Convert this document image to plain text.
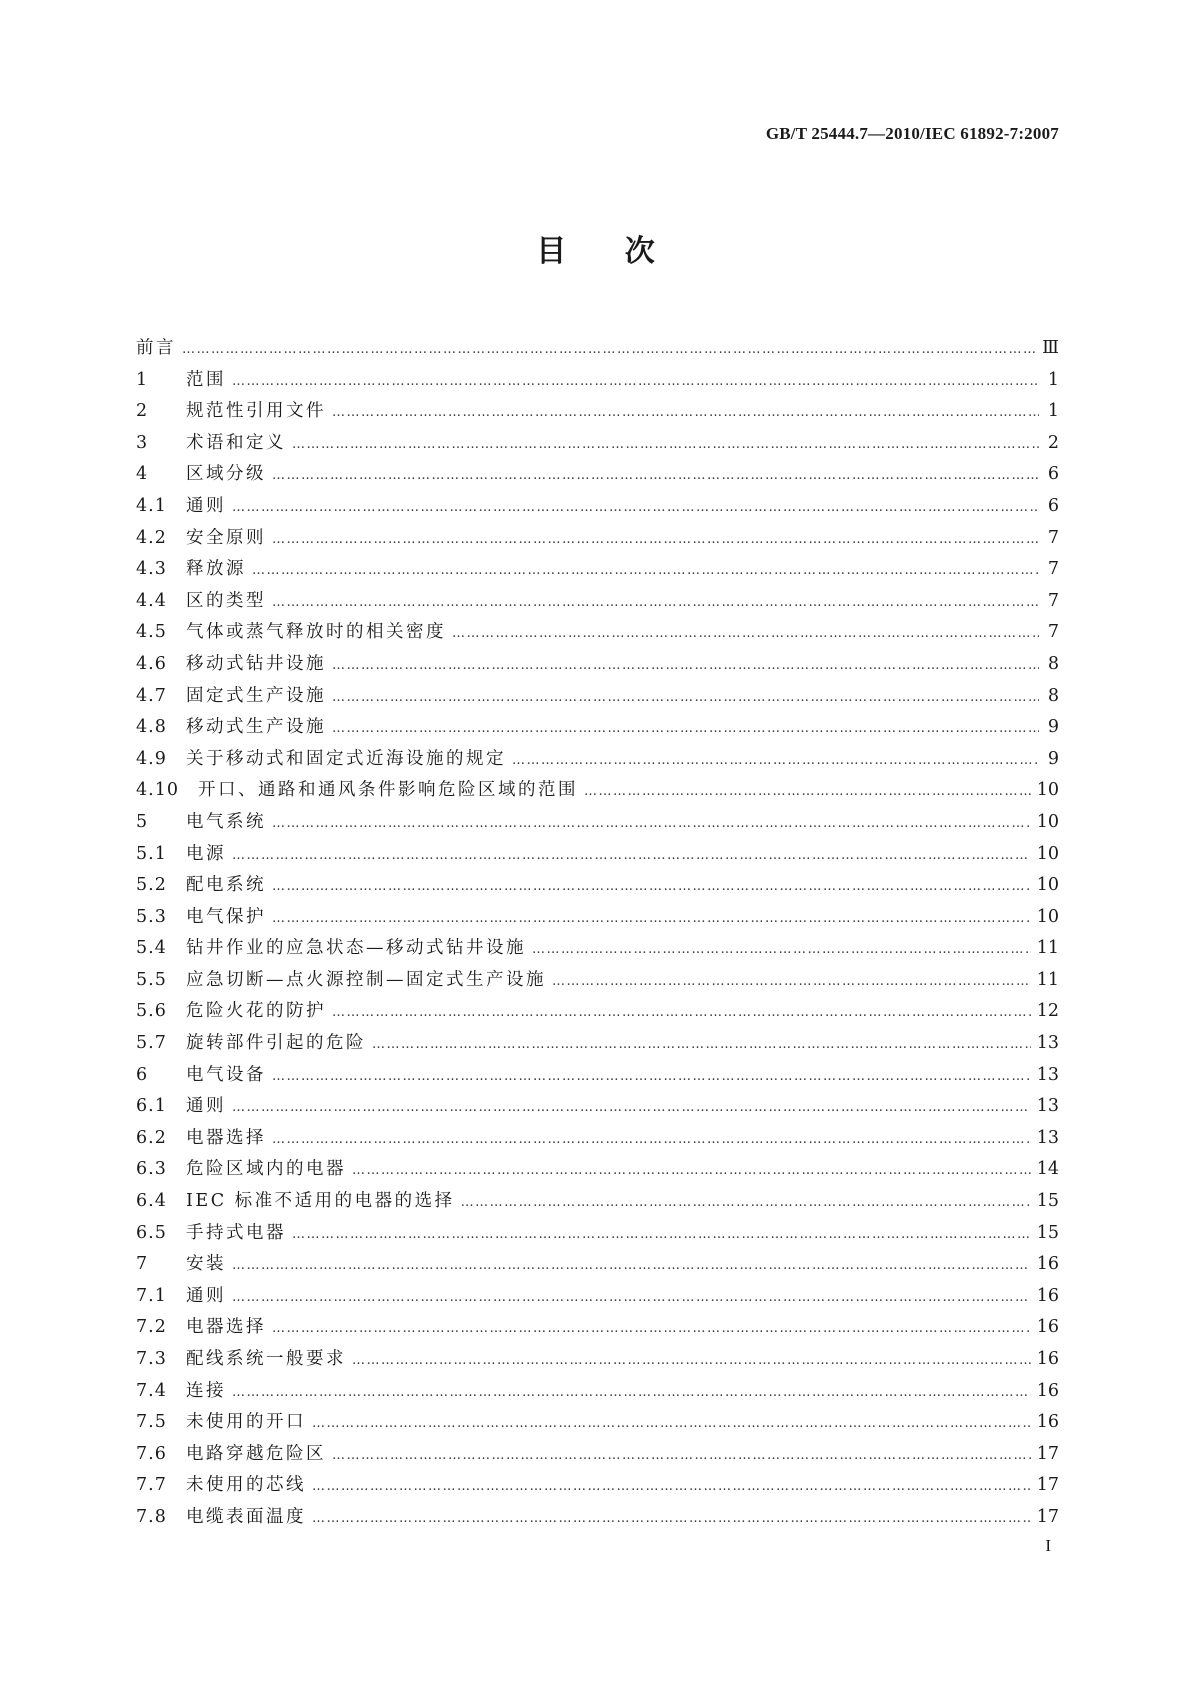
GB/T 25444.7—2010/IEC 61892-7:2007
目 次
前言 …………………………………………………………………………………………………………………………………………………………………………………………	Ⅲ
1	范围 …………………………………………………………………………………………………………………………………………………………………………………………	1
2	规范性引用文件 …………………………………………………………………………………………………………………………………………………………………………………………	1
3	术语和定义 …………………………………………………………………………………………………………………………………………………………………………………………	2
4	区域分级 …………………………………………………………………………………………………………………………………………………………………………………………	6
4.1	通则 …………………………………………………………………………………………………………………………………………………………………………………………	6
4.2	安全原则 …………………………………………………………………………………………………………………………………………………………………………………………	7
4.3	释放源 …………………………………………………………………………………………………………………………………………………………………………………………	7
4.4	区的类型 …………………………………………………………………………………………………………………………………………………………………………………………	7
4.5	气体或蒸气释放时的相关密度 …………………………………………………………………………………………………………………………………………………………………………………………	7
4.6	移动式钻井设施 …………………………………………………………………………………………………………………………………………………………………………………………	8
4.7	固定式生产设施 …………………………………………………………………………………………………………………………………………………………………………………………	8
4.8	移动式生产设施 …………………………………………………………………………………………………………………………………………………………………………………………	9
4.9	关于移动式和固定式近海设施的规定 …………………………………………………………………………………………………………………………………………………………………………………………	9
4.10	开口、通路和通风条件影响危险区域的范围 …………………………………………………………………………………………………………………………………………………………………………………………	10
5	电气系统 …………………………………………………………………………………………………………………………………………………………………………………………	10
5.1	电源 …………………………………………………………………………………………………………………………………………………………………………………………	10
5.2	配电系统 …………………………………………………………………………………………………………………………………………………………………………………………	10
5.3	电气保护 …………………………………………………………………………………………………………………………………………………………………………………………	10
5.4	钻井作业的应急状态—移动式钻井设施 …………………………………………………………………………………………………………………………………………………………………………………………	11
5.5	应急切断—点火源控制—固定式生产设施 …………………………………………………………………………………………………………………………………………………………………………………………	11
5.6	危险火花的防护 …………………………………………………………………………………………………………………………………………………………………………………………	12
5.7	旋转部件引起的危险 …………………………………………………………………………………………………………………………………………………………………………………………	13
6	电气设备 …………………………………………………………………………………………………………………………………………………………………………………………	13
6.1	通则 …………………………………………………………………………………………………………………………………………………………………………………………	13
6.2	电器选择 …………………………………………………………………………………………………………………………………………………………………………………………	13
6.3	危险区域内的电器 …………………………………………………………………………………………………………………………………………………………………………………………	14
6.4	IEC 标准不适用的电器的选择 …………………………………………………………………………………………………………………………………………………………………………………………	15
6.5	手持式电器 …………………………………………………………………………………………………………………………………………………………………………………………	15
7	安装 …………………………………………………………………………………………………………………………………………………………………………………………	16
7.1	通则 …………………………………………………………………………………………………………………………………………………………………………………………	16
7.2	电器选择 …………………………………………………………………………………………………………………………………………………………………………………………	16
7.3	配线系统一般要求 …………………………………………………………………………………………………………………………………………………………………………………………	16
7.4	连接 …………………………………………………………………………………………………………………………………………………………………………………………	16
7.5	未使用的开口 …………………………………………………………………………………………………………………………………………………………………………………………	16
7.6	电路穿越危险区 …………………………………………………………………………………………………………………………………………………………………………………………	17
7.7	未使用的芯线 …………………………………………………………………………………………………………………………………………………………………………………………	17
7.8	电缆表面温度 …………………………………………………………………………………………………………………………………………………………………………………………	17
I
